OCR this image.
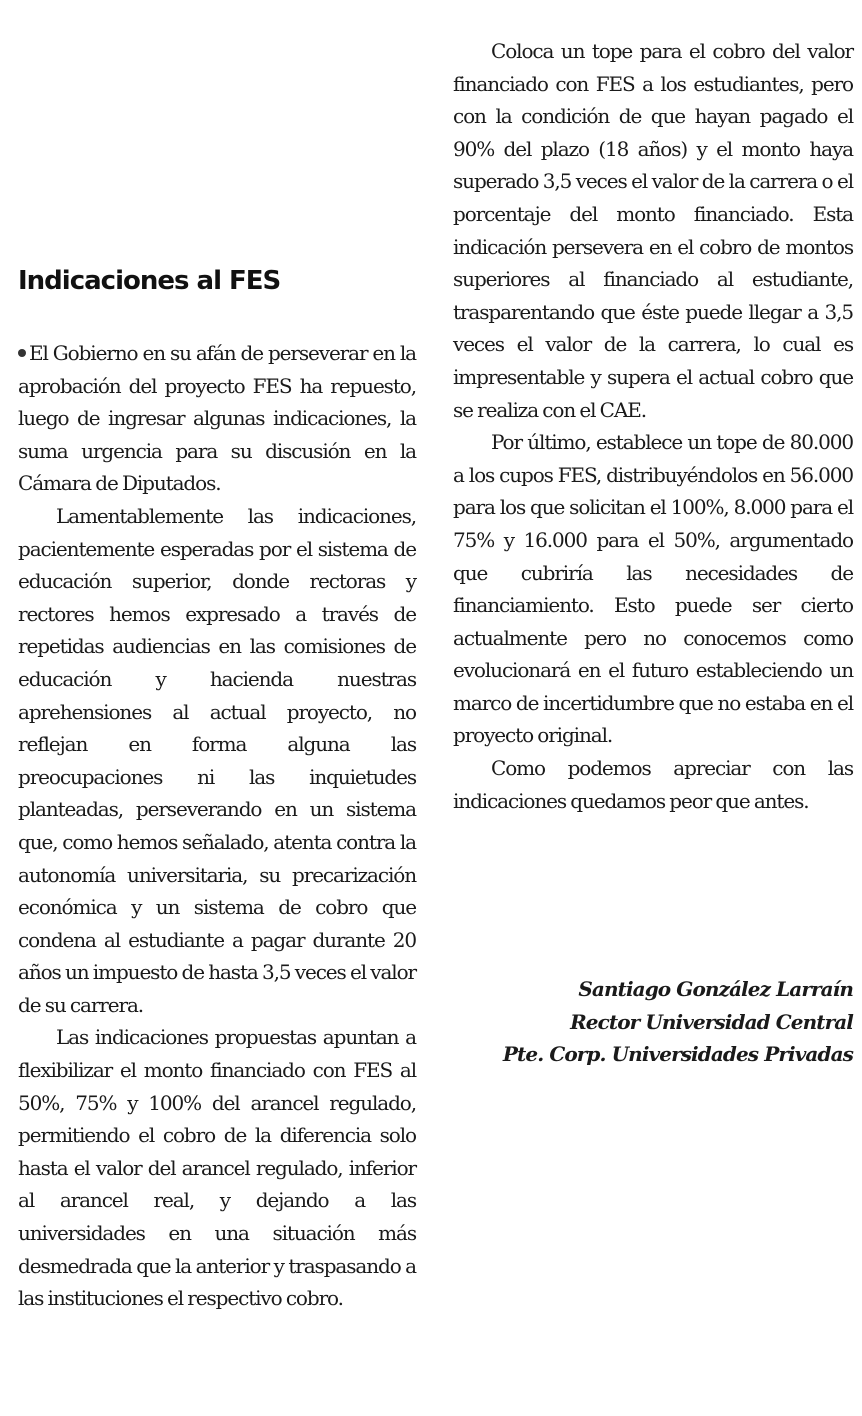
Indicaciones al FES

El Gobierno en su afán de perseverar en la aprobación del proyecto FES ha repuesto, luego de ingresar algunas indicaciones, la suma urgencia para su discusión en la Cámara de Diputados.

Lamentablemente las indicaciones, pacientemente esperadas por el sistema de educación superior, donde rectoras y rectores hemos expresado a través de repetidas audiencias en las comisiones de educación y hacienda nuestras aprehensiones al actual proyecto, no reflejan en forma alguna las preocupaciones ni las inquietudes planteadas, perseverando en un sistema que, como hemos señalado, atenta contra la autonomía universitaria, su precarización económica y un sistema de cobro que condena al estudiante a pagar durante 20 años un impuesto de hasta 3,5 veces el valor de su carrera.

Las indicaciones propuestas apuntan a flexibilizar el monto financiado con FES al 50%, 75% y 100% del arancel regulado, permitiendo el cobro de la diferencia solo hasta el valor del arancel regulado, inferior al arancel real, y dejando a las universidades en una situación más desmedrada que la anterior y traspasando a las instituciones el respectivo cobro.

Coloca un tope para el cobro del valor financiado con FES a los estudiantes, pero con la condición de que hayan pagado el 90% del plazo (18 años) y el monto haya superado 3,5 veces el valor de la carrera o el porcentaje del monto financiado. Esta indicación persevera en el cobro de montos superiores al financiado al estudiante, trasparentando que éste puede llegar a 3,5 veces el valor de la carrera, lo cual es impresentable y supera el actual cobro que se realiza con el CAE.

Por último, establece un tope de 80.000 a los cupos FES, distribuyéndolos en 56.000 para los que solicitan el 100%, 8.000 para el 75% y 16.000 para el 50%, argumentado que cubriría las necesidades de financiamiento. Esto puede ser cierto actualmente pero no conocemos como evolucionará en el futuro estableciendo un marco de incertidumbre que no estaba en el proyecto original.

Como podemos apreciar con las indicaciones quedamos peor que antes.

Santiago González Larraín
Rector Universidad Central
Pte. Corp. Universidades Privadas
